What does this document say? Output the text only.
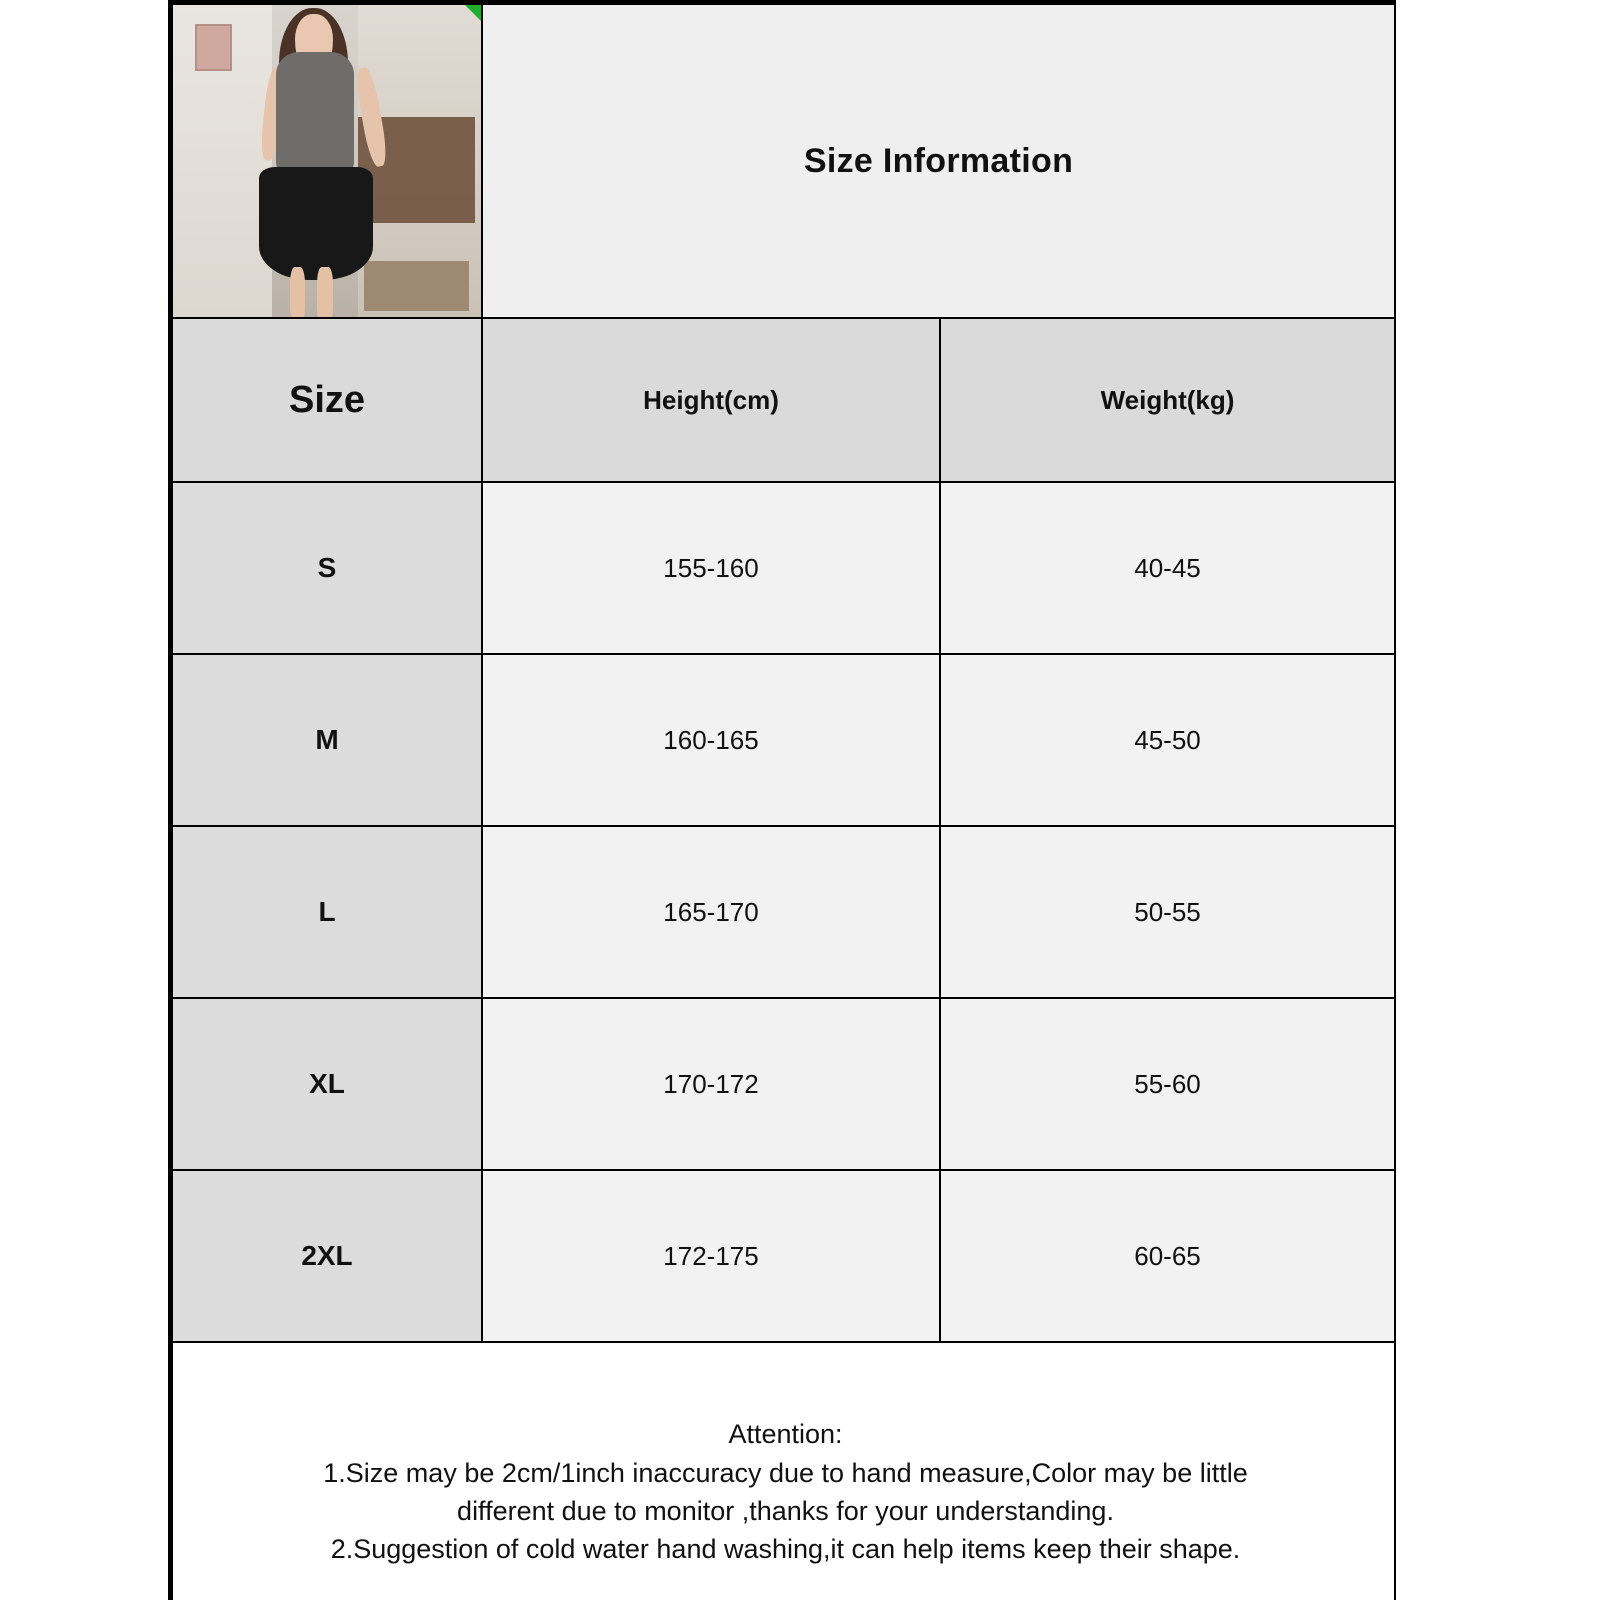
	Size Information	
Size	Height(cm)	Weight(kg)
S	155-160	40-45
M	160-165	45-50
L	165-170	50-55
XL	170-172	55-60
2XL	172-175	60-65

Attention:
1.Size may be 2cm/1inch inaccuracy due to hand measure,Color may be little
different due to monitor ,thanks for your understanding.
2.Suggestion of cold water hand washing,it can help items keep their shape.		
